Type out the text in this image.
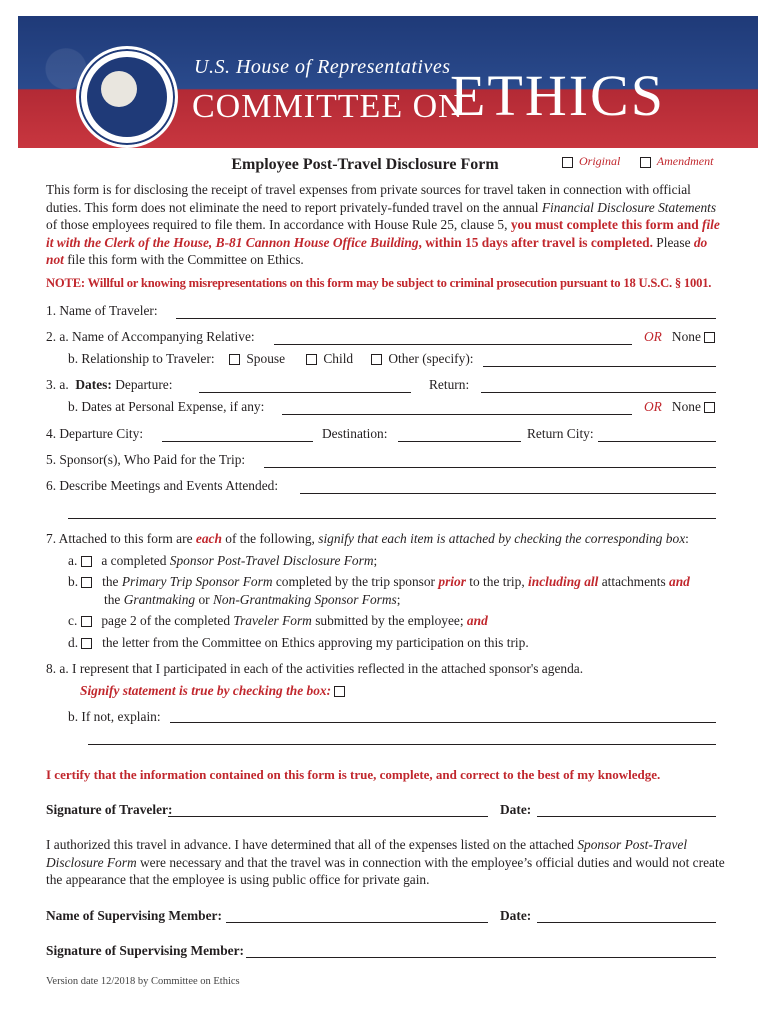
U.S. House of Representatives
COMMITTEE ON
ETHICS
Employee Post-Travel Disclosure Form	Original	Amendment
This form is for disclosing the receipt of travel expenses from private sources for travel taken in connection with official duties. This form does not eliminate the need to report privately-funded travel on the annual Financial Disclosure Statements of those employees required to file them. In accordance with House Rule 25, clause 5, you must complete this form and file it with the Clerk of the House, B-81 Cannon House Office Building, within 15 days after travel is completed. Please do not file this form with the Committee on Ethics.
NOTE: Willful or knowing misrepresentations on this form may be subject to criminal prosecution pursuant to 18 U.S.C. § 1001.
1. Name of Traveler:
2. a. Name of Accompanying Relative:	OR None
b. Relationship to Traveler:	Spouse	Child	Other (specify):
3. a. Dates: Departure:	Return:
b. Dates at Personal Expense, if any:	OR None
4. Departure City:	Destination:	Return City:
5. Sponsor(s), Who Paid for the Trip:
6. Describe Meetings and Events Attended:
7. Attached to this form are each of the following, signify that each item is attached by checking the corresponding box:
a. a completed Sponsor Post-Travel Disclosure Form;
b. the Primary Trip Sponsor Form completed by the trip sponsor prior to the trip, including all attachments and
the Grantmaking or Non-Grantmaking Sponsor Forms;
c. page 2 of the completed Traveler Form submitted by the employee; and
d. the letter from the Committee on Ethics approving my participation on this trip.
8. a. I represent that I participated in each of the activities reflected in the attached sponsor's agenda.
Signify statement is true by checking the box:
b. If not, explain:
I certify that the information contained on this form is true, complete, and correct to the best of my knowledge.
Signature of Traveler:	Date:
I authorized this travel in advance. I have determined that all of the expenses listed on the attached Sponsor Post-Travel Disclosure Form were necessary and that the travel was in connection with the employee’s official duties and would not create the appearance that the employee is using public office for private gain.
Name of Supervising Member:	Date:
Signature of Supervising Member:
Version date 12/2018 by Committee on Ethics
